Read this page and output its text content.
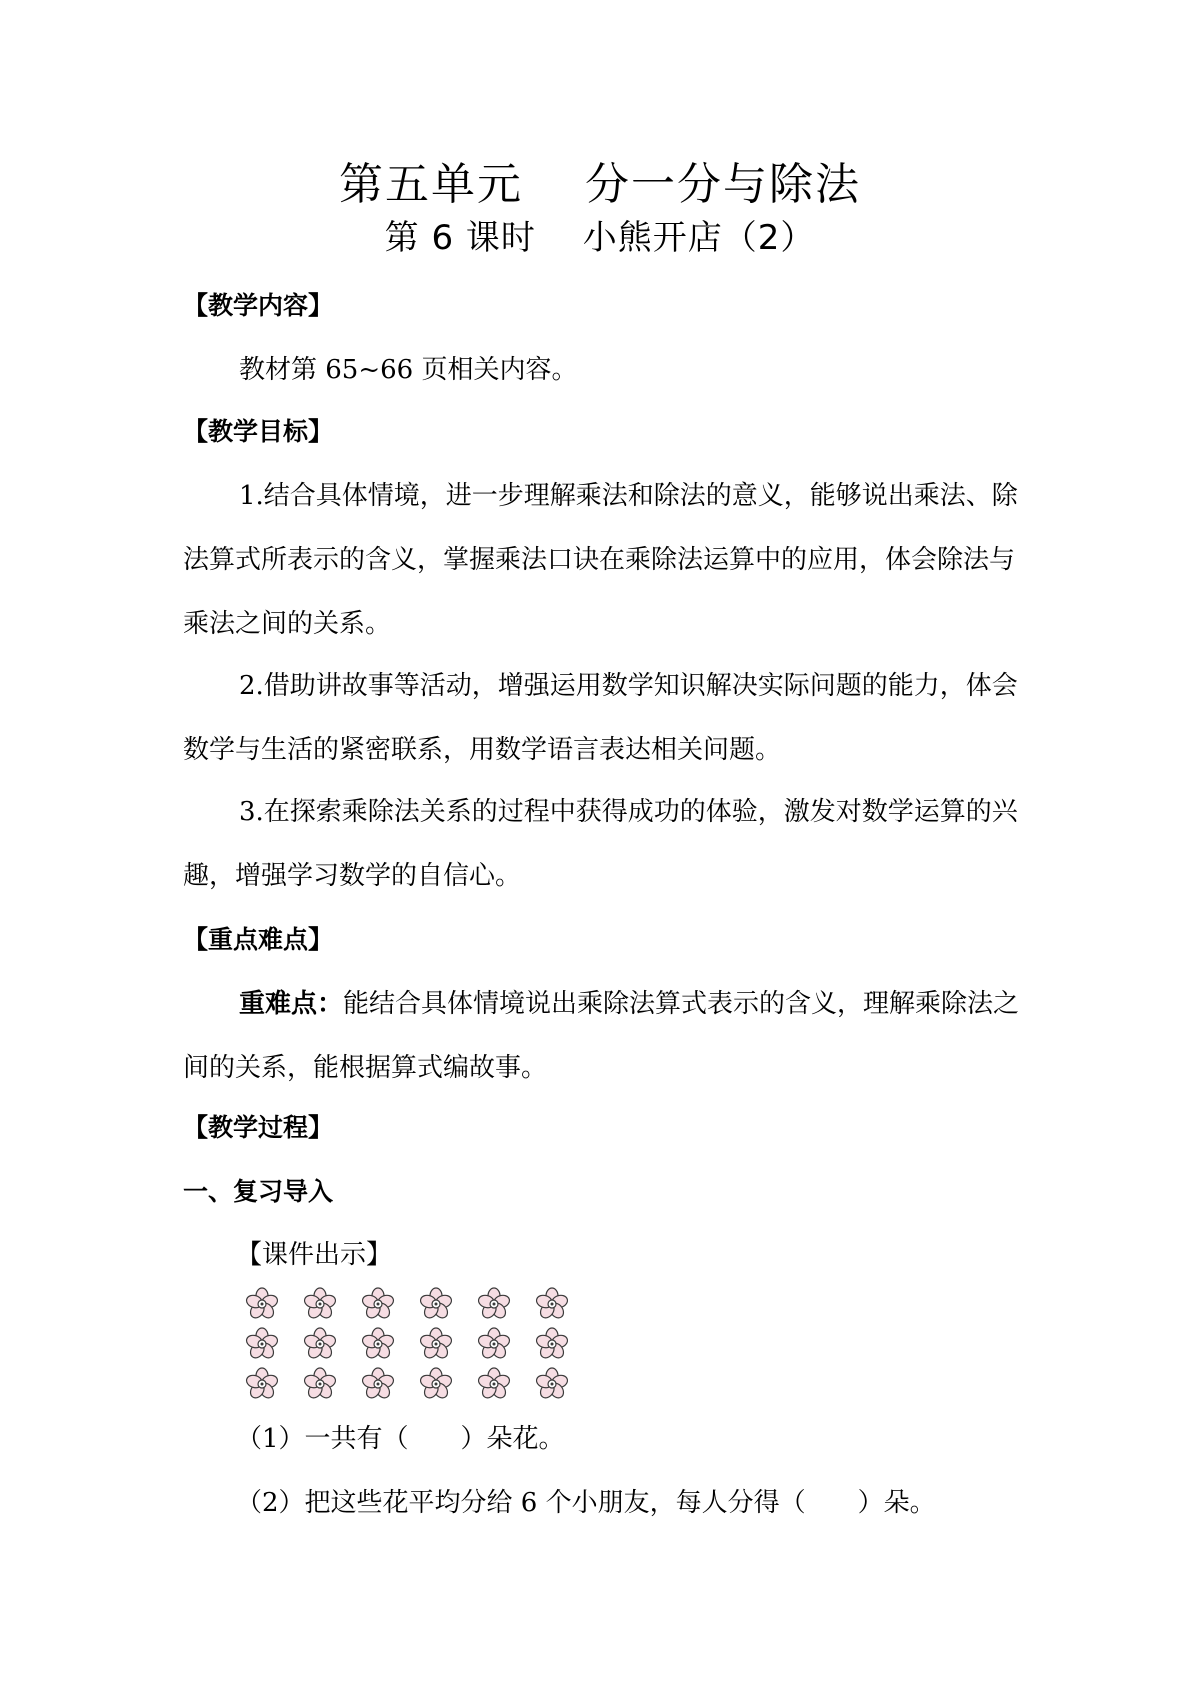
第五单元　 分一分与除法
第 6 课时　 小熊开店（2）
【教学内容】
教材第 65~66 页相关内容。
【教学目标】
1.结合具体情境，进一步理解乘法和除法的意义，能够说出乘法、除法算式所表示的含义，掌握乘法口诀在乘除法运算中的应用，体会除法与乘法之间的关系。
2.借助讲故事等活动，增强运用数学知识解决实际问题的能力，体会数学与生活的紧密联系，用数学语言表达相关问题。
3.在探索乘除法关系的过程中获得成功的体验，激发对数学运算的兴趣，增强学习数学的自信心。
【重点难点】
重难点：能结合具体情境说出乘除法算式表示的含义，理解乘除法之间的关系，能根据算式编故事。
【教学过程】
一、复习导入
【课件出示】
（1）一共有（　　）朵花。
（2）把这些花平均分给 6 个小朋友，每人分得（　　）朵。
